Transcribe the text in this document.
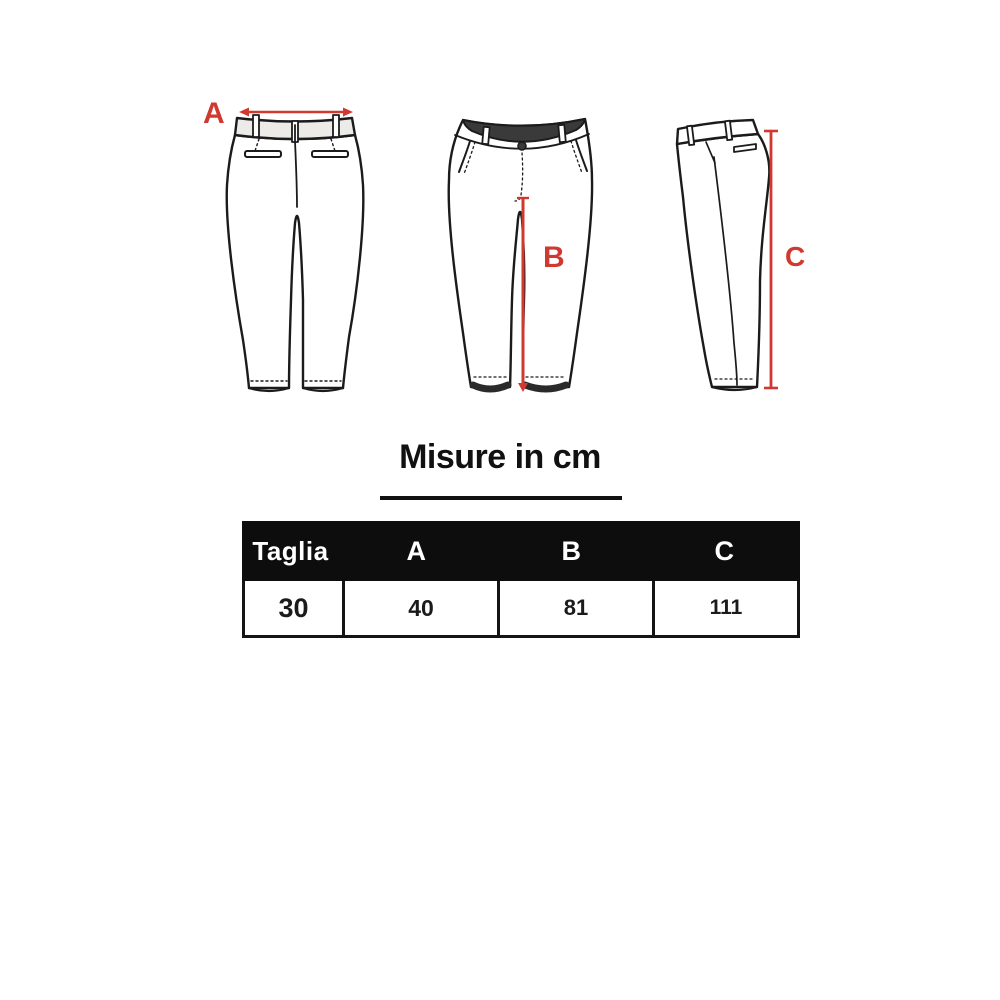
A
B	C
Misure in cm
Taglia	A	B	C
30	40	81	111
